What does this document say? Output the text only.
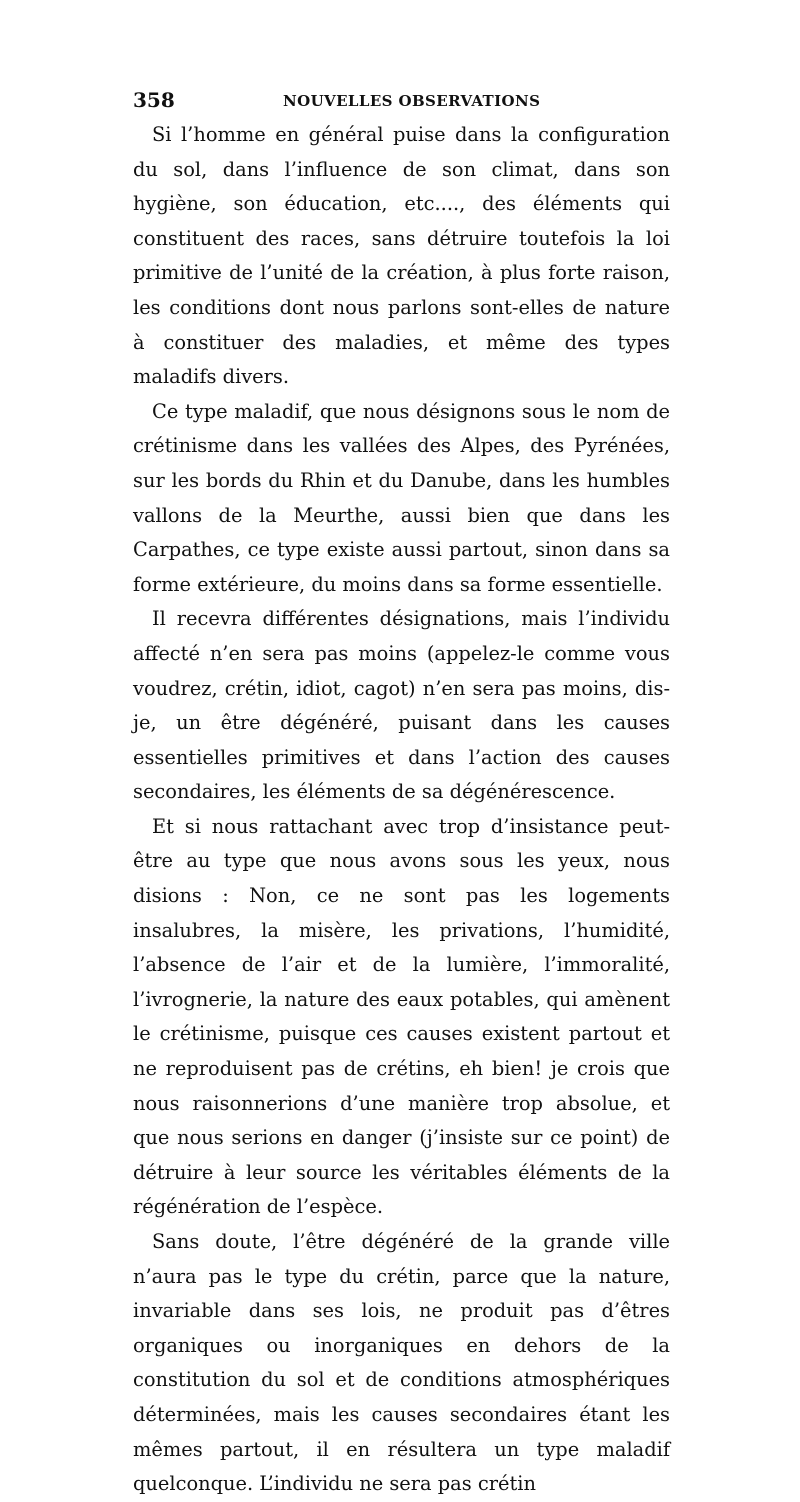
358	NOUVELLES OBSERVATIONS

Si l’homme en général puise dans la configuration du sol, dans l’influence de son climat, dans son hygiène, son éducation, etc...., des éléments qui constituent des races, sans détruire toutefois la loi primitive de l’unité de la création, à plus forte raison, les conditions dont nous parlons sont-elles de nature à constituer des maladies, et même des types maladifs divers.

Ce type maladif, que nous désignons sous le nom de crétinisme dans les vallées des Alpes, des Pyrénées, sur les bords du Rhin et du Danube, dans les humbles vallons de la Meurthe, aussi bien que dans les Carpathes, ce type existe aussi partout, sinon dans sa forme extérieure, du moins dans sa forme essentielle.

Il recevra différentes désignations, mais l’individu affecté n’en sera pas moins (appelez-le comme vous voudrez, crétin, idiot, cagot) n’en sera pas moins, dis-je, un être dégénéré, puisant dans les causes essentielles primitives et dans l’action des causes secondaires, les éléments de sa dégénérescence.

Et si nous rattachant avec trop d’insistance peut-être au type que nous avons sous les yeux, nous disions : Non, ce ne sont pas les logements insalubres, la misère, les privations, l’humidité, l’absence de l’air et de la lumière, l’immoralité, l’ivrognerie, la nature des eaux potables, qui amènent le crétinisme, puisque ces causes existent partout et ne reproduisent pas de crétins, eh bien! je crois que nous raisonnerions d’une manière trop absolue, et que nous serions en danger (j’insiste sur ce point) de détruire à leur source les véritables éléments de la régénération de l’espèce.

Sans doute, l’être dégénéré de la grande ville n’aura pas le type du crétin, parce que la nature, invariable dans ses lois, ne produit pas d’êtres organiques ou inorganiques en dehors de la constitution du sol et de conditions atmosphériques déterminées, mais les causes secondaires étant les mêmes partout, il en résultera un type maladif quelconque. L’individu ne sera pas crétin
